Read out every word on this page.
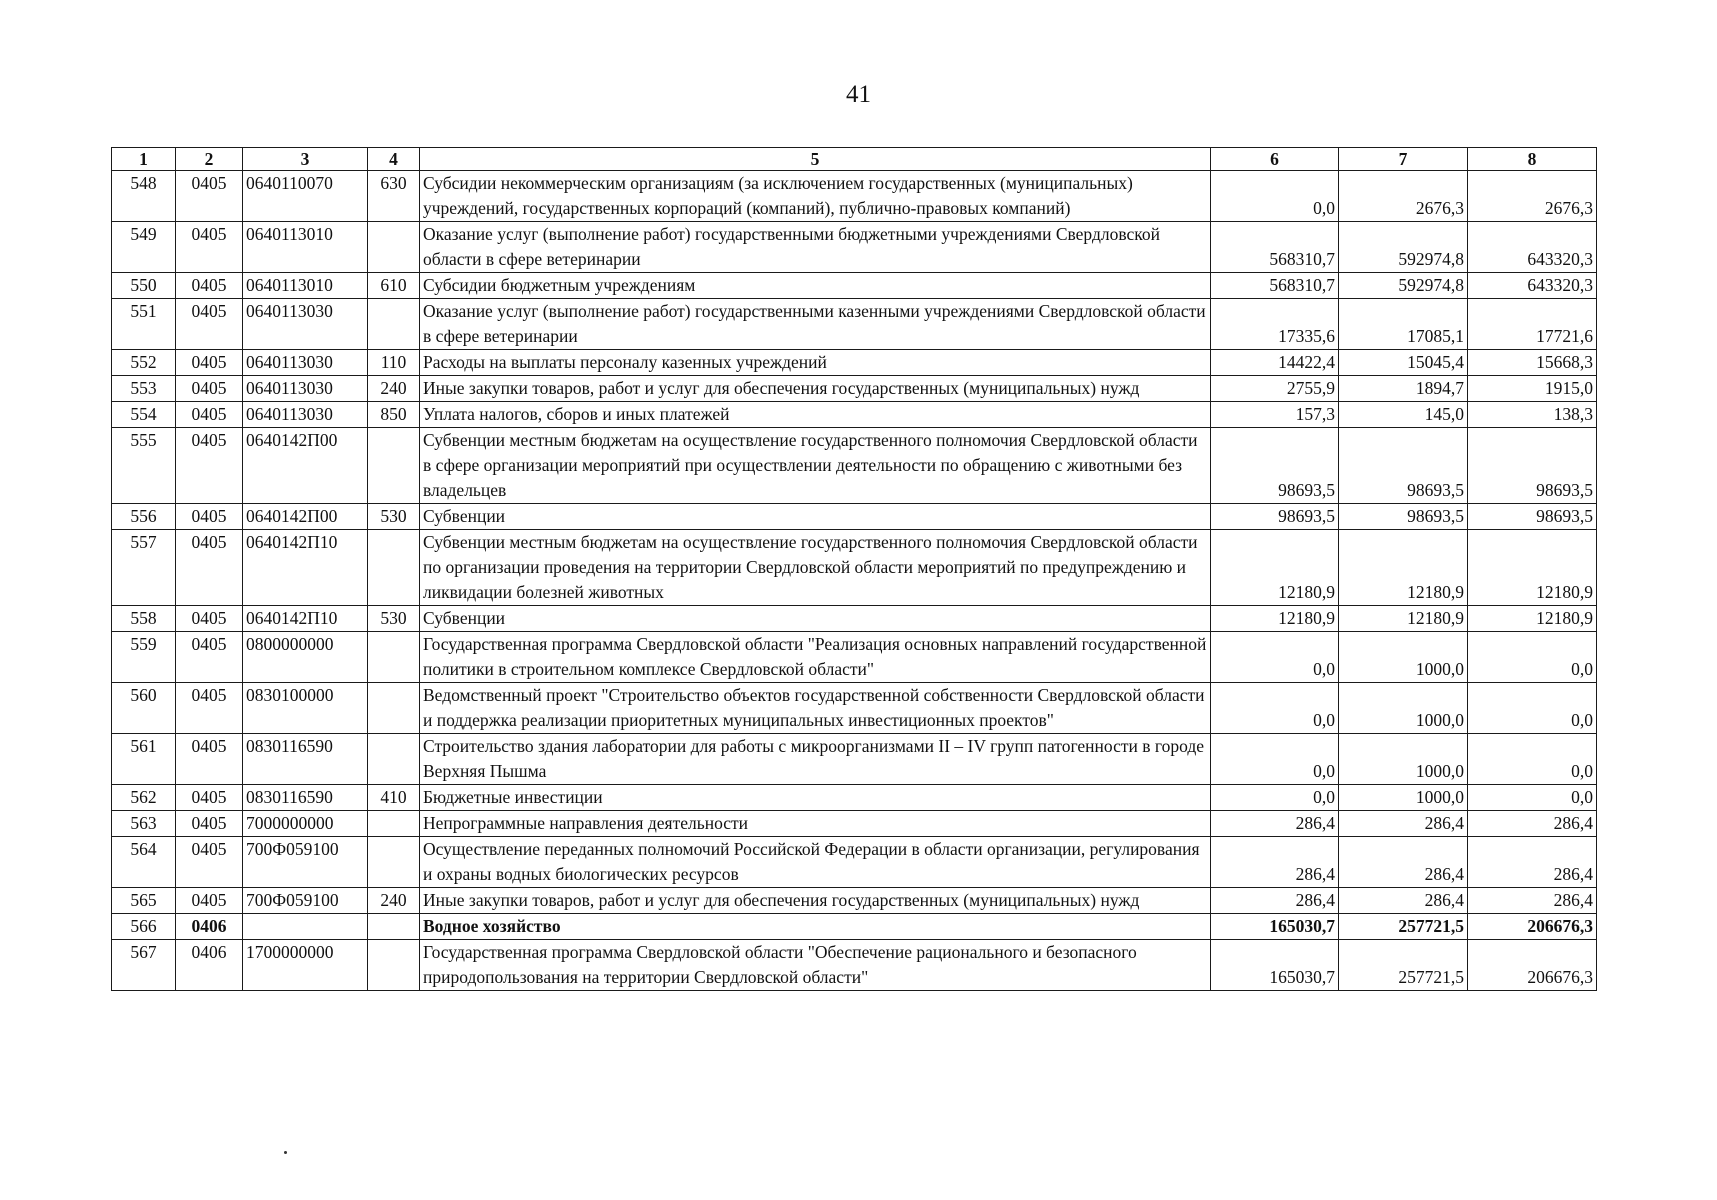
41
1	2	3	4	5	6	7	8
548	0405	0640110070	630	Субсидии некоммерческим организациям (за исключением государственных (муниципальных) учреждений, государственных корпораций (компаний), публично-правовых компаний)	0,0	2676,3	2676,3
549	0405	0640113010		Оказание услуг (выполнение работ) государственными бюджетными учреждениями Свердловской области в сфере ветеринарии	568310,7	592974,8	643320,3
550	0405	0640113010	610	Субсидии бюджетным учреждениям	568310,7	592974,8	643320,3
551	0405	0640113030		Оказание услуг (выполнение работ) государственными казенными учреждениями Свердловской области в сфере ветеринарии	17335,6	17085,1	17721,6
552	0405	0640113030	110	Расходы на выплаты персоналу казенных учреждений	14422,4	15045,4	15668,3
553	0405	0640113030	240	Иные закупки товаров, работ и услуг для обеспечения государственных (муниципальных) нужд	2755,9	1894,7	1915,0
554	0405	0640113030	850	Уплата налогов, сборов и иных платежей	157,3	145,0	138,3
555	0405	0640142П00		Субвенции местным бюджетам на осуществление государственного полномочия Свердловской области в сфере организации мероприятий при осуществлении деятельности по обращению с животными без владельцев	98693,5	98693,5	98693,5
556	0405	0640142П00	530	Субвенции	98693,5	98693,5	98693,5
557	0405	0640142П10		Субвенции местным бюджетам на осуществление государственного полномочия Свердловской области по организации проведения на территории Свердловской области мероприятий по предупреждению и ликвидации болезней животных	12180,9	12180,9	12180,9
558	0405	0640142П10	530	Субвенции	12180,9	12180,9	12180,9
559	0405	0800000000		Государственная программа Свердловской области "Реализация основных направлений государственной политики в строительном комплексе Свердловской области"	0,0	1000,0	0,0
560	0405	0830100000		Ведомственный проект "Строительство объектов государственной собственности Свердловской области и поддержка реализации приоритетных муниципальных инвестиционных проектов"	0,0	1000,0	0,0
561	0405	0830116590		Строительство здания лаборатории для работы с микроорганизмами II – IV групп патогенности в городе Верхняя Пышма	0,0	1000,0	0,0
562	0405	0830116590	410	Бюджетные инвестиции	0,0	1000,0	0,0
563	0405	7000000000		Непрограммные направления деятельности	286,4	286,4	286,4
564	0405	700Ф059100		Осуществление переданных полномочий Российской Федерации в области организации, регулирования и охраны водных биологических ресурсов	286,4	286,4	286,4
565	0405	700Ф059100	240	Иные закупки товаров, работ и услуг для обеспечения государственных (муниципальных) нужд	286,4	286,4	286,4
566	0406			Водное хозяйство	165030,7	257721,5	206676,3
567	0406	1700000000		Государственная программа Свердловской области "Обеспечение рационального и безопасного природопользования на территории Свердловской области"	165030,7	257721,5	206676,3
